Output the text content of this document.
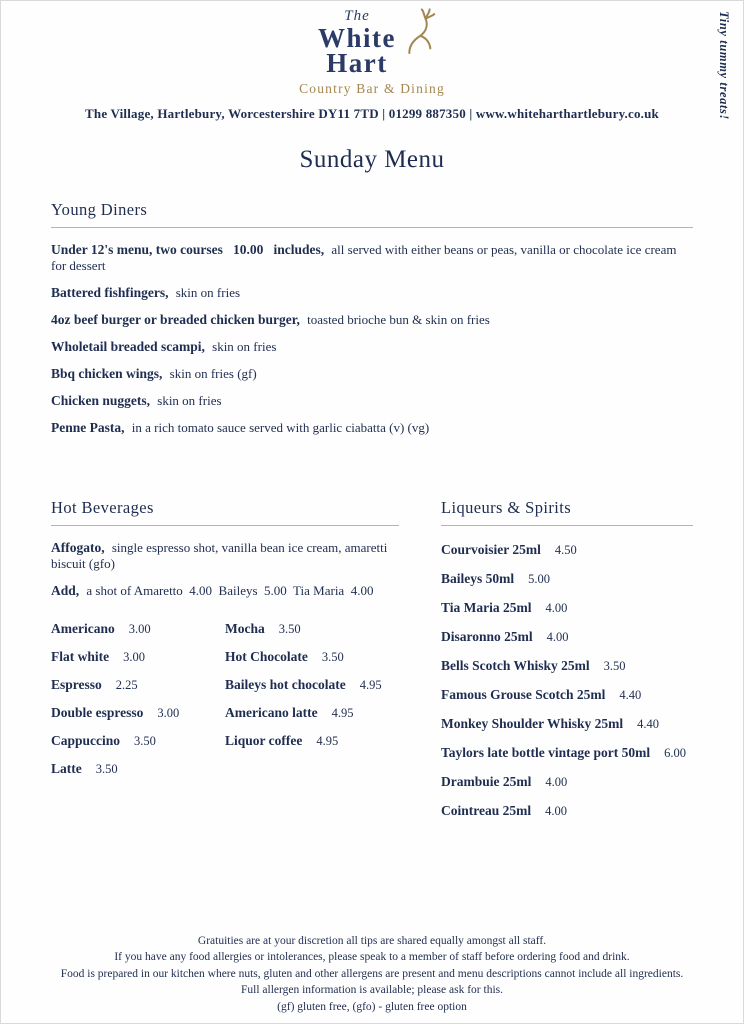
Tiny tummy treats!
The
White
Hart
Country Bar & Dining
The Village, Hartlebury, Worcestershire DY11 7TD | 01299 887350 | www.whiteharthartlebury.co.uk
Sunday Menu
Young Diners

Under 12's menu, two courses   10.00   includes, all served with either beans or peas, vanilla or chocolate ice cream for dessert

Battered fishfingers, skin on fries

4oz beef burger or breaded chicken burger, toasted brioche bun & skin on fries

Wholetail breaded scampi, skin on fries

Bbq chicken wings, skin on fries (gf)

Chicken nuggets, skin on fries

Penne Pasta, in a rich tomato sauce served with garlic ciabatta (v) (vg)

Hot Beverages

Affogato, single espresso shot, vanilla bean ice cream, amaretti biscuit (gfo)

Add, a shot of Amaretto  4.00  Baileys  5.00  Tia Maria  4.00

Americano 3.00

Flat white 3.00

Espresso 2.25

Double espresso 3.00

Cappuccino 3.50

Latte 3.50

Mocha 3.50

Hot Chocolate 3.50

Baileys hot chocolate 4.95

Americano latte 4.95

Liquor coffee 4.95

Liqueurs & Spirits

Courvoisier 25ml 4.50

Baileys 50ml 5.00

Tia Maria 25ml 4.00

Disaronno 25ml 4.00

Bells Scotch Whisky 25ml 3.50

Famous Grouse Scotch 25ml 4.40

Monkey Shoulder Whisky 25ml 4.40

Taylors late bottle vintage port 50ml 6.00

Drambuie 25ml 4.00

Cointreau 25ml 4.00

Gratuities are at your discretion all tips are shared equally amongst all staff.

If you have any food allergies or intolerances, please speak to a member of staff before ordering food and drink.

Food is prepared in our kitchen where nuts, gluten and other allergens are present and menu descriptions cannot include all ingredients.

Full allergen information is available; please ask for this.

(gf) gluten free, (gfo) - gluten free option
